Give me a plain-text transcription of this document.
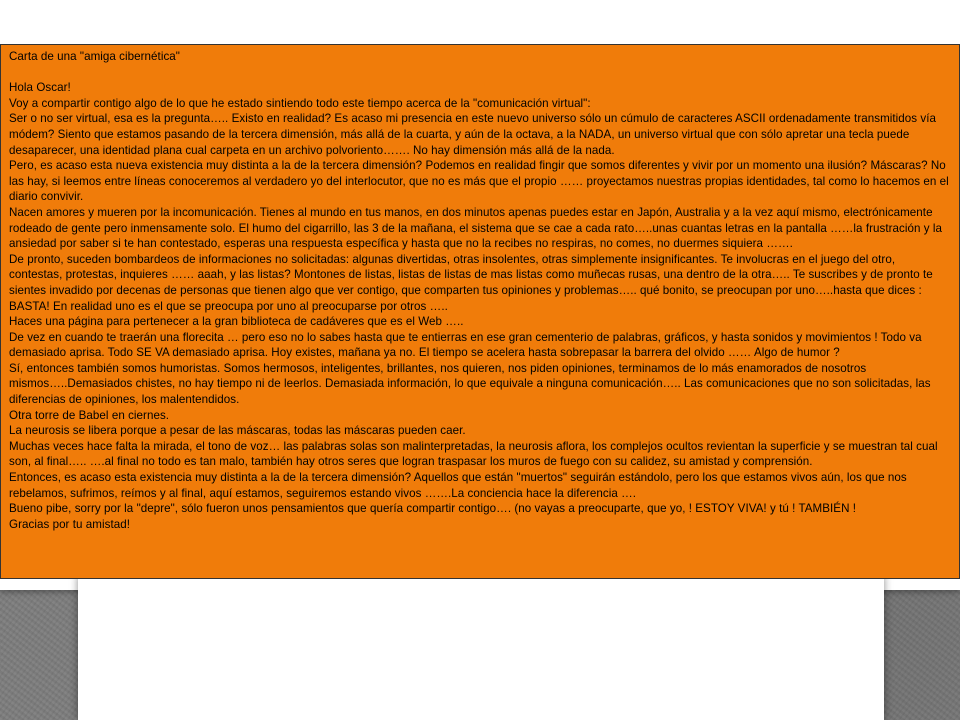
Carta de una "amiga cibernética"

Hola Oscar!

Voy a compartir contigo algo de lo que he estado sintiendo todo este tiempo acerca de la "comunicación virtual":

Ser o no ser virtual, esa es la pregunta….. Existo en realidad? Es acaso mi presencia en este nuevo universo sólo un cúmulo de caracteres ASCII ordenadamente transmitidos vía módem? Siento que estamos pasando de la tercera dimensión, más allá de la cuarta, y aún de la octava, a la NADA, un universo virtual que con sólo apretar una tecla puede desaparecer, una identidad plana cual carpeta en un archivo polvoriento……. No hay dimensión más allá de la nada.

Pero, es acaso esta nueva existencia muy distinta a la de la tercera dimensión? Podemos en realidad fingir que somos diferentes y vivir por un momento una ilusión? Máscaras? No las hay, si leemos entre líneas conoceremos al verdadero yo del interlocutor, que no es más que el propio …… proyectamos nuestras propias identidades, tal como lo hacemos en el diario convivir.

Nacen amores y mueren por la incomunicación. Tienes al mundo en tus manos, en dos minutos apenas puedes estar en Japón, Australia y a la vez aquí mismo, electrónicamente rodeado de gente pero inmensamente solo. El humo del cigarrillo, las 3 de la mañana, el sistema que se cae a cada rato…..unas cuantas letras en la pantalla ……la frustración y la ansiedad por saber si te han contestado, esperas una respuesta específica y hasta que no la recibes no respiras, no comes, no duermes siquiera …….

De pronto, suceden bombardeos de informaciones no solicitadas: algunas divertidas, otras insolentes, otras simplemente insignificantes. Te involucras en el juego del otro, contestas, protestas, inquieres …… aaah, y las listas? Montones de listas, listas de listas de mas listas como muñecas rusas, una dentro de la otra….. Te suscribes y de pronto te sientes invadido por decenas de personas que tienen algo que ver contigo, que comparten tus opiniones y problemas….. qué bonito, se preocupan por uno…..hasta que dices : BASTA! En realidad uno es el que se preocupa por uno al preocuparse por otros …..

Haces una página para pertenecer a la gran biblioteca de cadáveres que es el Web …..

De vez en cuando te traerán una florecita … pero eso no lo sabes hasta que te entierras en ese gran cementerio de palabras, gráficos, y hasta sonidos y movimientos ! Todo va demasiado aprisa. Todo SE VA demasiado aprisa. Hoy existes, mañana ya no. El tiempo se acelera hasta sobrepasar la barrera del olvido …… Algo de humor ?

Sí, entonces también somos humoristas. Somos hermosos, inteligentes, brillantes, nos quieren, nos piden opiniones, terminamos de lo más enamorados de nosotros mismos…..Demasiados chistes, no hay tiempo ni de leerlos. Demasiada información, lo que equivale a ninguna comunicación….. Las comunicaciones que no son solicitadas, las diferencias de opiniones, los malentendidos.

Otra torre de Babel en ciernes.

La neurosis se libera porque a pesar de las máscaras, todas las máscaras pueden caer.

Muchas veces hace falta la mirada, el tono de voz… las palabras solas son malinterpretadas, la neurosis aflora, los complejos ocultos revientan la superficie y se muestran tal cual son, al final….. ….al final no todo es tan malo, también hay otros seres que logran traspasar los muros de fuego con su calidez, su amistad y comprensión.

Entonces, es acaso esta existencia muy distinta a la de la tercera dimensión? Aquellos que están "muertos" seguirán estándolo, pero los que estamos vivos aún, los que nos rebelamos, sufrimos, reímos y al final, aquí estamos, seguiremos estando vivos …….La conciencia hace la diferencia ….

Bueno pibe, sorry por la "depre", sólo fueron unos pensamientos que quería compartir contigo…. (no vayas a preocuparte, que yo, ! ESTOY VIVA! y tú ! TAMBIÉN !

Gracias por tu amistad!
